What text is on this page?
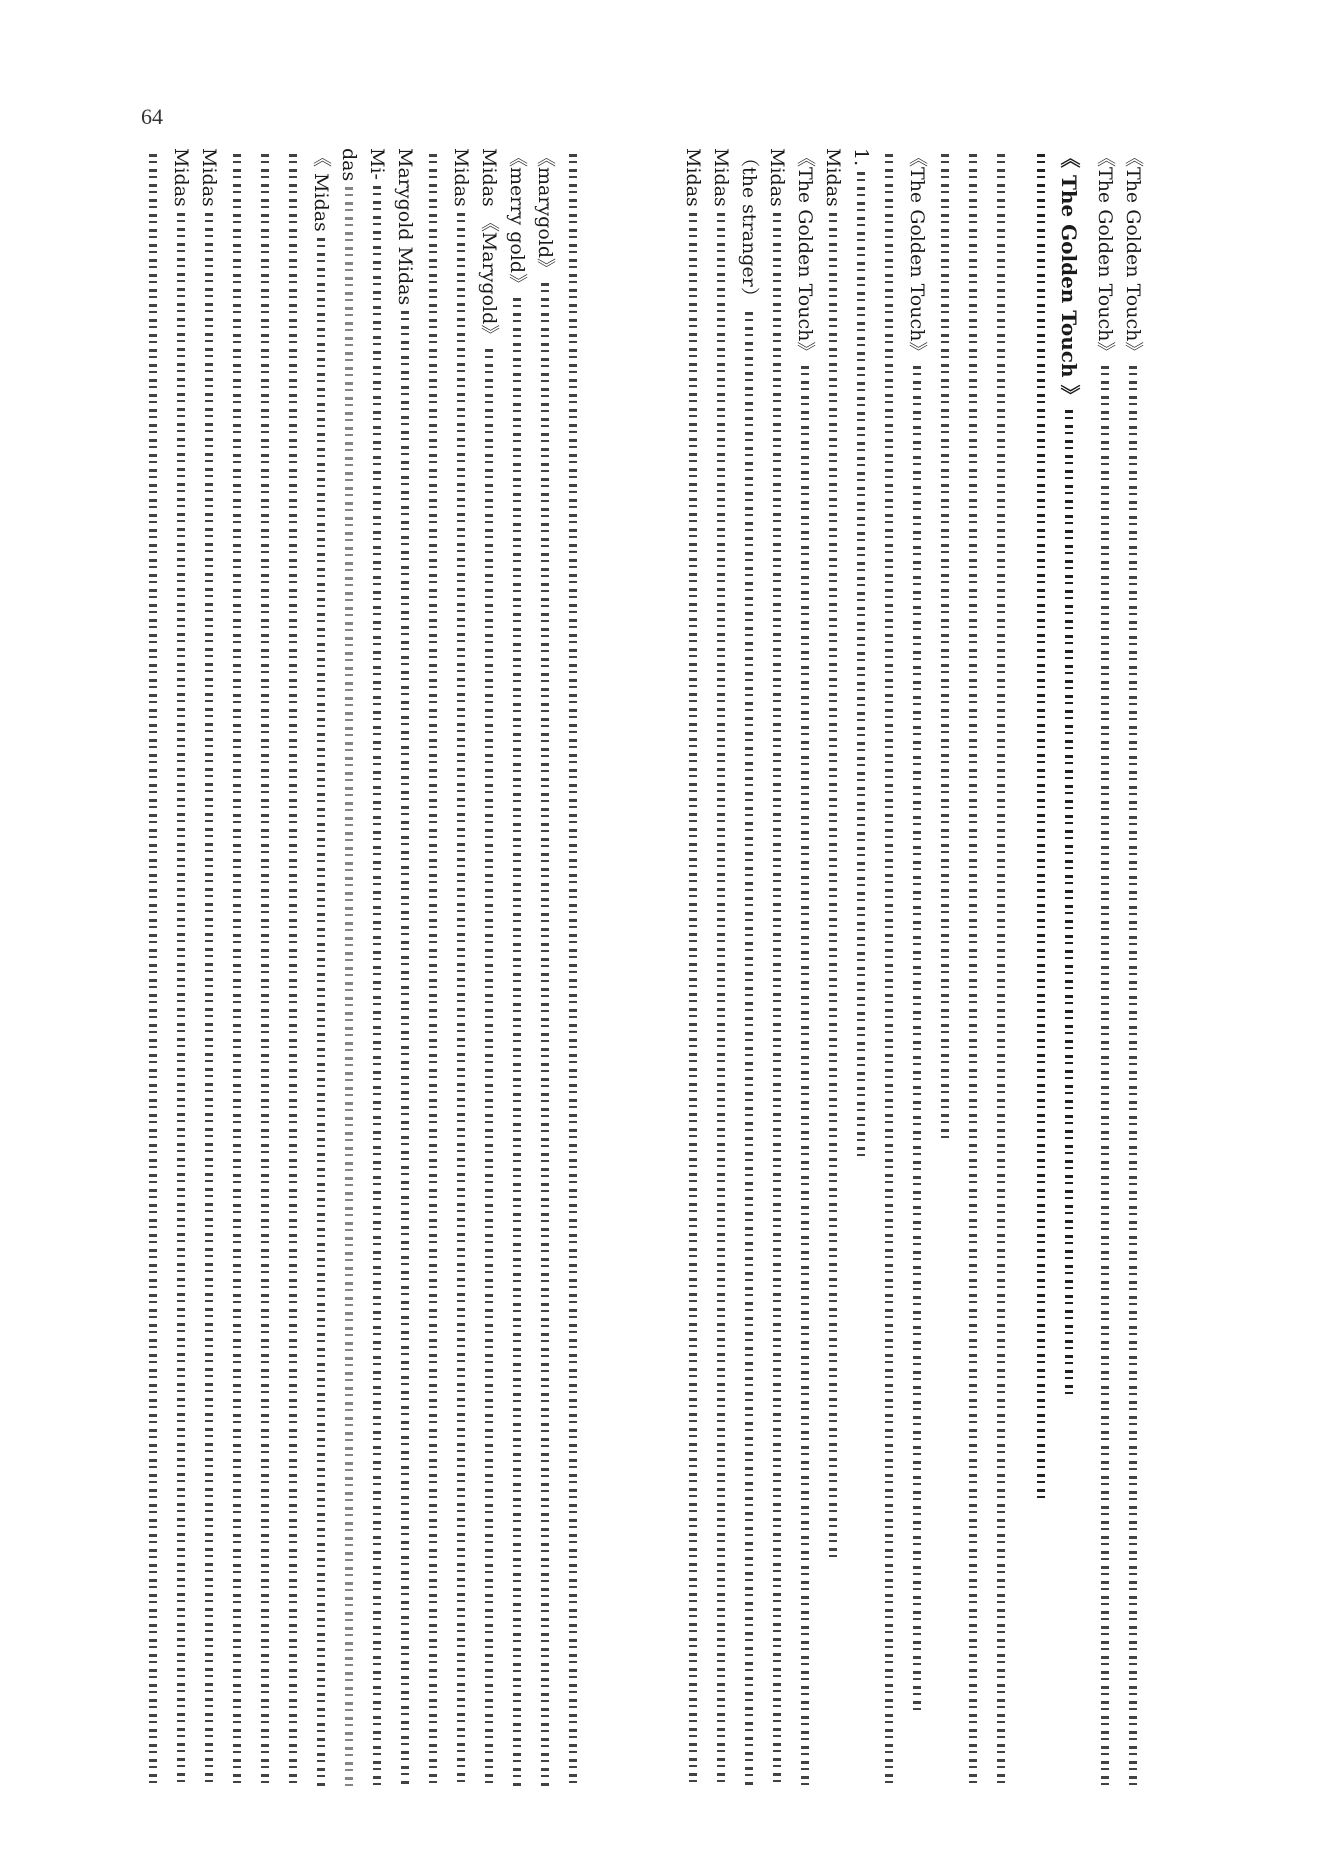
64
Midas Midas （the stranger） Midas 《The Golden Touch》 Midas 1. 《The Golden Touch》	《 The Golden Touch 》 《The Golden Touch》 《The Golden Touch》
Midas Midas	《 Midas das Mi- Marygold Midas Midas Midas 《Marygold》 《merry gold》 《marygold》
